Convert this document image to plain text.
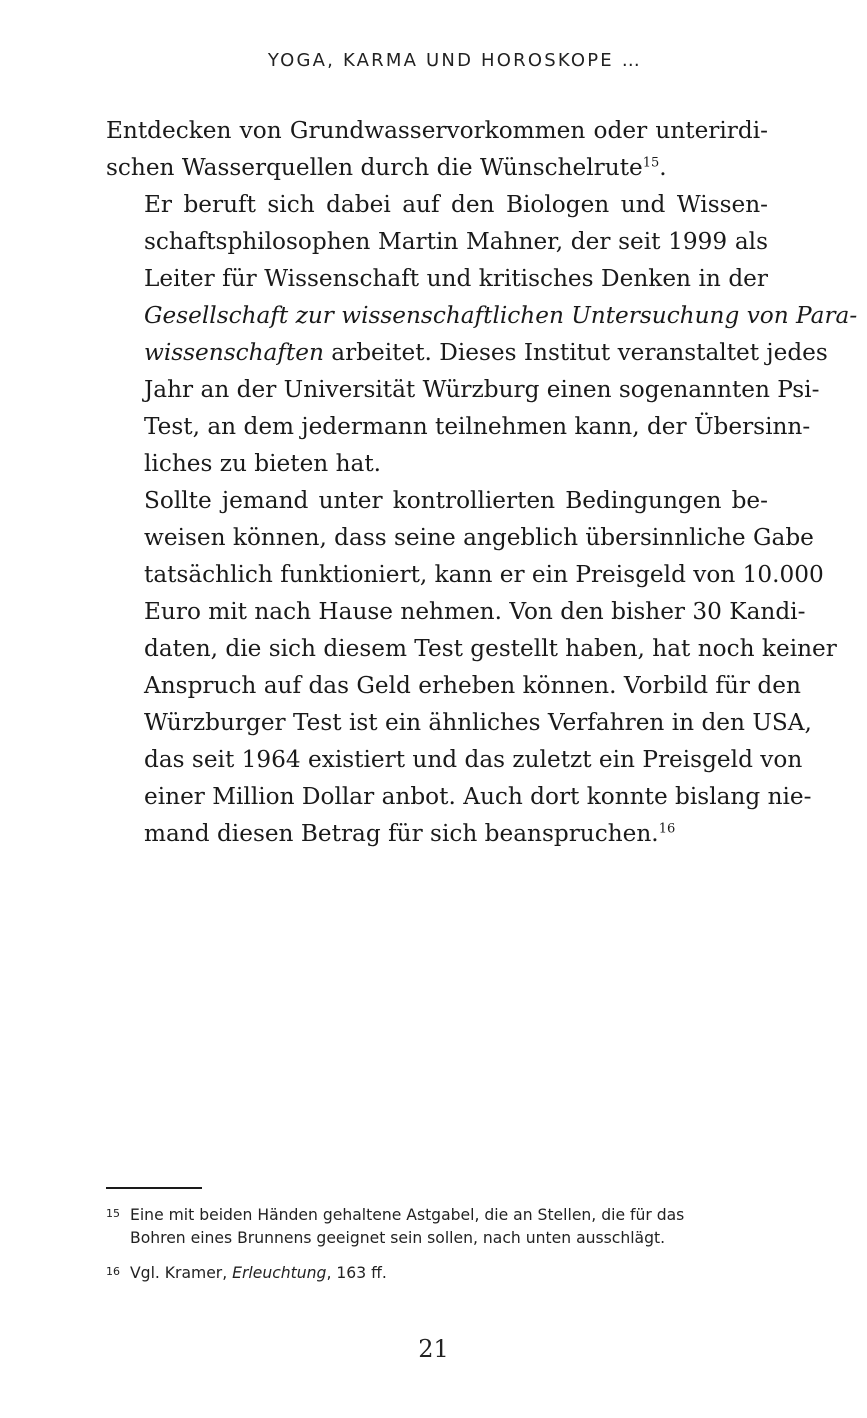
YOGA, KARMA UND HOROSKOPE …

Entdecken von Grundwasservorkommen oder unterirdi-
schen Wasserquellen durch die Wünschelrute$^{15}$.

Er beruft sich dabei auf den Biologen und Wissen-
schaftsphilosophen Martin Mahner, der seit 1999 als
Leiter für Wissenschaft und kritisches Denken in der
Gesellschaft zur wissenschaftlichen Untersuchung von Para-
wissenschaften arbeitet. Dieses Institut veranstaltet jedes
Jahr an der Universität Würzburg einen sogenannten Psi-
Test, an dem jedermann teilnehmen kann, der Übersinn-
liches zu bieten hat.

Sollte jemand unter kontrollierten Bedingungen be-
weisen können, dass seine angeblich übersinnliche Gabe
tatsächlich funktioniert, kann er ein Preisgeld von 10.000
Euro mit nach Hause nehmen. Von den bisher 30 Kandi-
daten, die sich diesem Test gestellt haben, hat noch keiner
Anspruch auf das Geld erheben können. Vorbild für den
Würzburger Test ist ein ähnliches Verfahren in den USA,
das seit 1964 existiert und das zuletzt ein Preisgeld von
einer Million Dollar anbot. Auch dort konnte bislang nie-
mand diesen Betrag für sich beanspruchen.$^{16}$

15 Eine mit beiden Händen gehaltene Astgabel, die an Stellen, die für das
Bohren eines Brunnens geeignet sein sollen, nach unten ausschlägt.
16 Vgl. Kramer, Erleuchtung, 163 ff.
21
